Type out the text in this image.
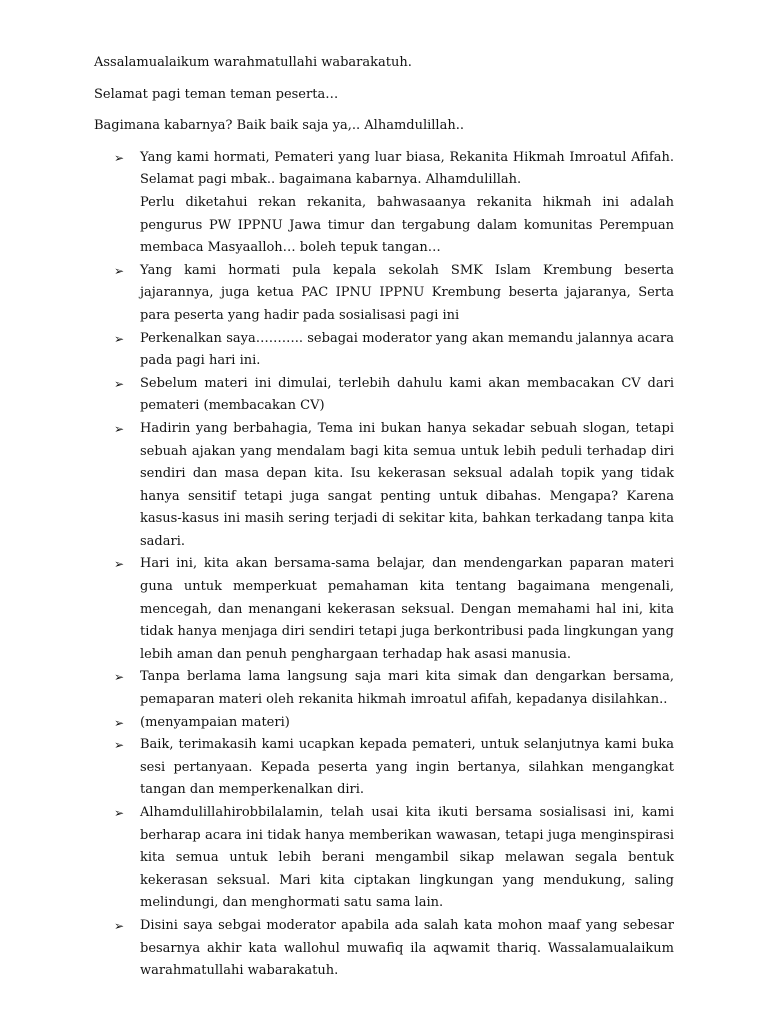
Assalamualaikum warahmatullahi wabarakatuh.

Selamat pagi teman teman peserta…

Bagimana kabarnya? Baik baik saja ya,.. Alhamdulillah..

➢ Yang kami hormati, Pemateri yang luar biasa, Rekanita Hikmah Imroatul Afifah. Selamat pagi mbak.. bagaimana kabarnya. Alhamdulillah.
Perlu diketahui rekan rekanita, bahwasaanya rekanita hikmah ini adalah pengurus PW IPPNU Jawa timur dan tergabung dalam komunitas Perempuan membaca Masyaalloh… boleh tepuk tangan…
➢ Yang kami hormati pula kepala sekolah SMK Islam Krembung beserta jajarannya, juga ketua PAC IPNU IPPNU Krembung beserta jajaranya, Serta para peserta yang hadir pada sosialisasi pagi ini
➢ Perkenalkan saya……….. sebagai moderator yang akan memandu jalannya acara pada pagi hari ini.
➢ Sebelum materi ini dimulai, terlebih dahulu kami akan membacakan CV dari pemateri (membacakan CV)
➢ Hadirin yang berbahagia, Tema ini bukan hanya sekadar sebuah slogan, tetapi sebuah ajakan yang mendalam bagi kita semua untuk lebih peduli terhadap diri sendiri dan masa depan kita. Isu kekerasan seksual adalah topik yang tidak hanya sensitif tetapi juga sangat penting untuk dibahas. Mengapa? Karena kasus-kasus ini masih sering terjadi di sekitar kita, bahkan terkadang tanpa kita sadari.
➢ Hari ini, kita akan bersama-sama belajar, dan mendengarkan paparan materi guna untuk memperkuat pemahaman kita tentang bagaimana mengenali, mencegah, dan menangani kekerasan seksual. Dengan memahami hal ini, kita tidak hanya menjaga diri sendiri tetapi juga berkontribusi pada lingkungan yang lebih aman dan penuh penghargaan terhadap hak asasi manusia.
➢ Tanpa berlama lama langsung saja mari kita simak dan dengarkan bersama, pemaparan materi oleh rekanita hikmah imroatul afifah, kepadanya disilahkan..
➢ (menyampaian materi)
➢ Baik, terimakasih kami ucapkan kepada pemateri, untuk selanjutnya kami buka sesi pertanyaan. Kepada peserta yang ingin bertanya, silahkan mengangkat tangan dan memperkenalkan diri.
➢ Alhamdulillahirobbilalamin, telah usai kita ikuti bersama sosialisasi ini, kami berharap acara ini tidak hanya memberikan wawasan, tetapi juga menginspirasi kita semua untuk lebih berani mengambil sikap melawan segala bentuk kekerasan seksual. Mari kita ciptakan lingkungan yang mendukung, saling melindungi, dan menghormati satu sama lain.
➢ Disini saya sebgai moderator apabila ada salah kata mohon maaf yang sebesar besarnya akhir kata wallohul muwafiq ila aqwamit thariq. Wassalamualaikum warahmatullahi wabarakatuh.
